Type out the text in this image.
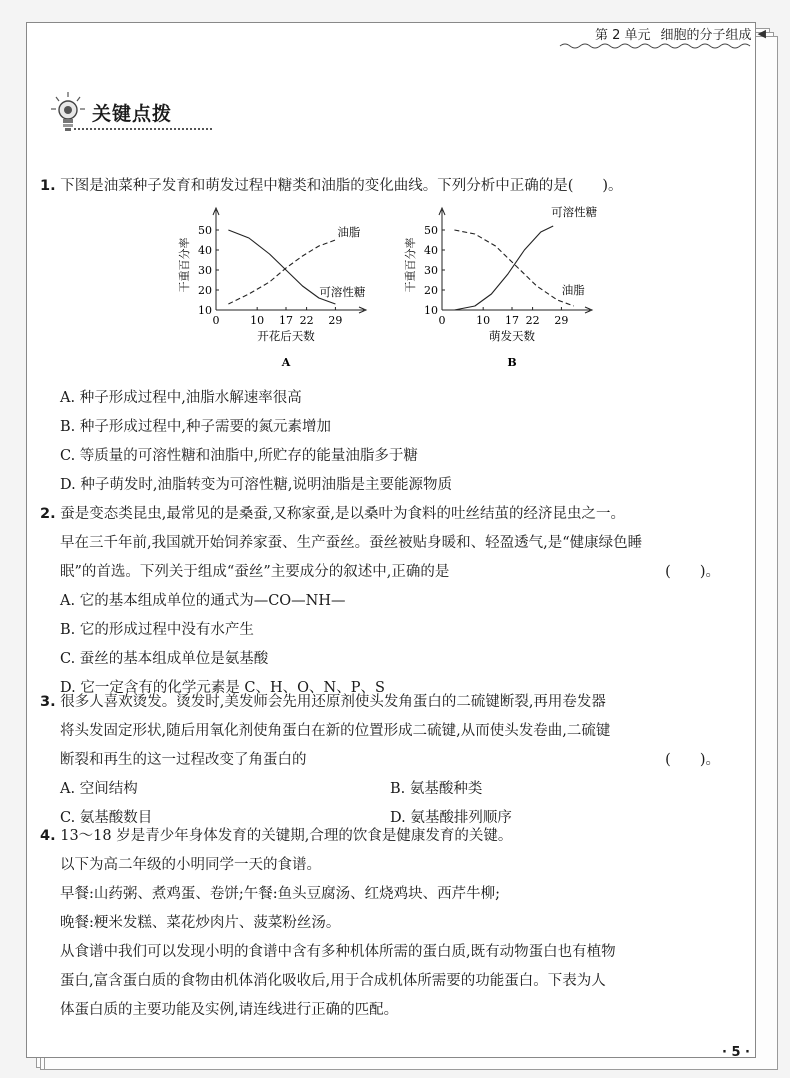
第 2 单元 细胞的分子组成 ◀
关键点拨
1. 下图是油菜种子发育和萌发过程中糖类和油脂的变化曲线。下列分析中正确的是(　　)。
10
20
30
40
50
0	10 17 22 29
开花后天数
A
干重百分率
油脂
可溶性糖
10
20
30
40
50
0	10 17 22 29
萌发天数
B
干重百分率
可溶性糖
油脂
A. 种子形成过程中,油脂水解速率很高
B. 种子形成过程中,种子需要的氮元素增加
C. 等质量的可溶性糖和油脂中,所贮存的能量油脂多于糖
D. 种子萌发时,油脂转变为可溶性糖,说明油脂是主要能源物质
2. 蚕是变态类昆虫,最常见的是桑蚕,又称家蚕,是以桑叶为食料的吐丝结茧的经济昆虫之一。
早在三千年前,我国就开始饲养家蚕、生产蚕丝。蚕丝被贴身暖和、轻盈透气,是“健康绿色睡
眠”的首选。下列关于组成“蚕丝”主要成分的叙述中,正确的是	(　　)。
A. 它的基本组成单位的通式为—CO—NH—
B. 它的形成过程中没有水产生
C. 蚕丝的基本组成单位是氨基酸
D. 它一定含有的化学元素是 C、H、O、N、P、S
3. 很多人喜欢烫发。烫发时,美发师会先用还原剂使头发角蛋白的二硫键断裂,再用卷发器
将头发固定形状,随后用氧化剂使角蛋白在新的位置形成二硫键,从而使头发卷曲,二硫键
断裂和再生的这一过程改变了角蛋白的	(　　)。
A. 空间结构	B. 氨基酸种类
C. 氨基酸数目	D. 氨基酸排列顺序
4. 13～18 岁是青少年身体发育的关键期,合理的饮食是健康发育的关键。
以下为高二年级的小明同学一天的食谱。
早餐:山药粥、煮鸡蛋、卷饼;午餐:鱼头豆腐汤、红烧鸡块、西芹牛柳;
晚餐:粳米发糕、菜花炒肉片、菠菜粉丝汤。
从食谱中我们可以发现小明的食谱中含有多种机体所需的蛋白质,既有动物蛋白也有植物
蛋白,富含蛋白质的食物由机体消化吸收后,用于合成机体所需要的功能蛋白。下表为人
体蛋白质的主要功能及实例,请连线进行正确的匹配。
· 5 ·
